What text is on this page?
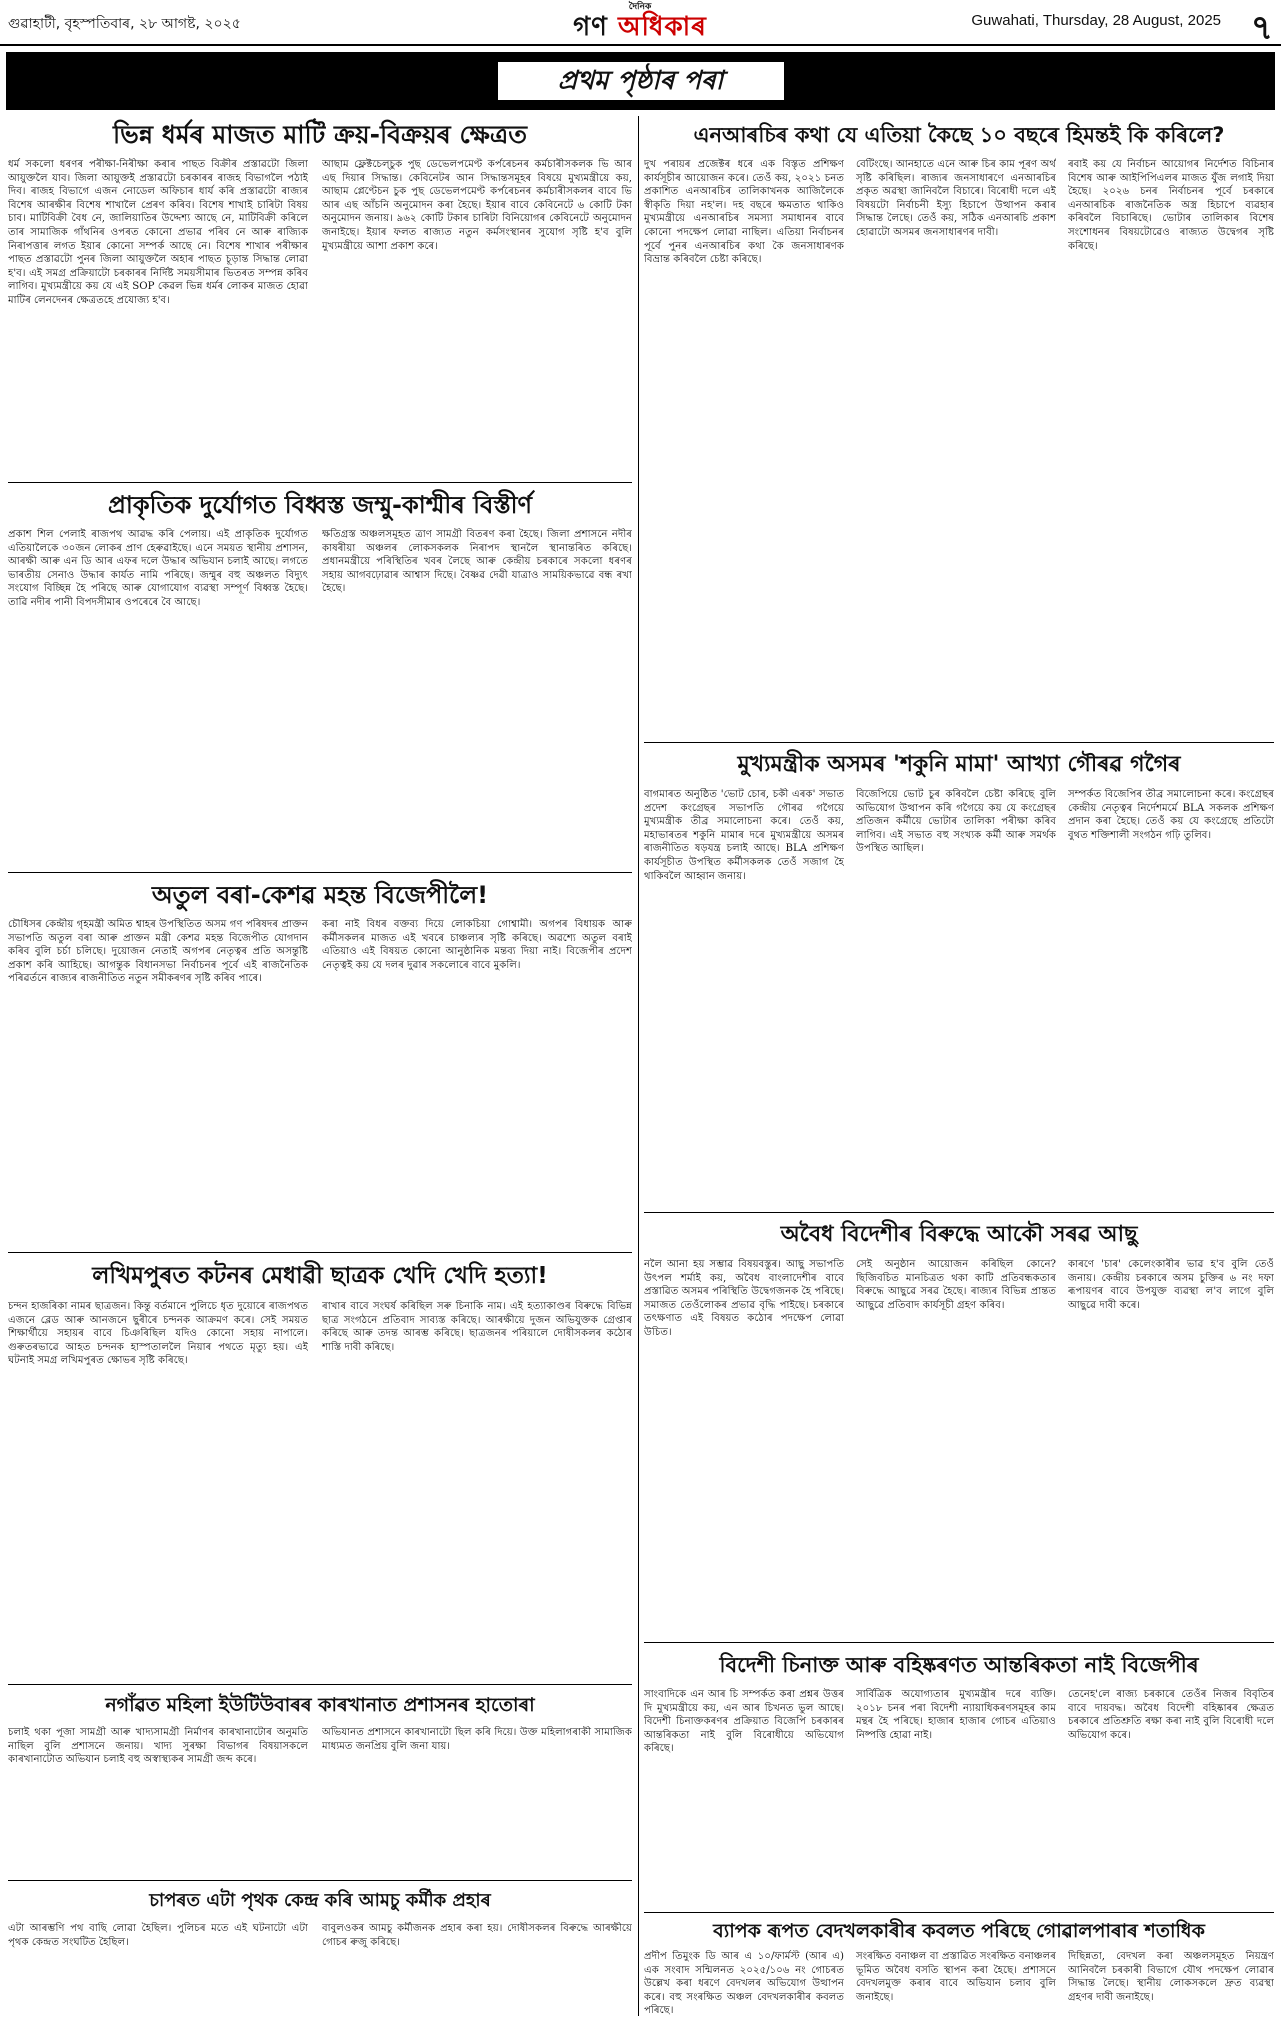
গুৱাহাটী, বৃহস্পতিবাৰ, ২৮ আগষ্ট, ২০২৫
দৈনিক
গণ অধিকাৰ	Guwahati, Thursday, 28 August, 2025 ৭
প্ৰথম পৃষ্ঠাৰ পৰা
ভিন্ন ধৰ্মৰ মাজত মাটি ক্ৰয়-বিক্ৰয়ৰ ক্ষেত্ৰত

ধৰ্ম সকলো ধৰণৰ পৰীক্ষা-নিৰীক্ষা কৰাৰ পাছত বিক্ৰীৰ প্ৰস্তাৱটো জিলা আয়ুক্তলৈ যাব। জিলা আয়ুক্তই প্ৰস্তাৱটো চৰকাৰৰ ৰাজহ বিভাগলৈ পঠাই দিব। ৰাজহ বিভাগে এজন নোডেল অফিচাৰ ধাৰ্য কৰি প্ৰস্তাৱটো ৰাজ্যৰ বিশেষ আৰক্ষীৰ বিশেষ শাখালৈ প্ৰেৰণ কৰিব। বিশেষ শাখাই চাৰিটা বিষয় চাব। মাটিবিক্ৰী বৈধ নে, জালিয়াতিৰ উদ্দেশ্য আছে নে, মাটিবিক্ৰী কৰিলে তাৰ সামাজিক গাঁথনিৰ ওপৰত কোনো প্ৰভাৱ পৰিব নে আৰু ৰাজ্যিক নিৰাপত্তাৰ লগত ইয়াৰ কোনো সম্পৰ্ক আছে নে। বিশেষ শাখাৰ পৰীক্ষাৰ পাছত প্ৰস্তাৱটো পুনৰ জিলা আয়ুক্তলৈ অহাৰ পাছত চূড়ান্ত সিদ্ধান্ত লোৱা হ'ব। এই সমগ্ৰ প্ৰক্ৰিয়াটো চৰকাৰৰ নিৰ্দিষ্ট সময়সীমাৰ ভিতৰত সম্পন্ন কৰিব লাগিব। মুখ্যমন্ত্ৰীয়ে কয় যে এই SOP কেৱল ভিন্ন ধৰ্মৰ লোকৰ মাজত হোৱা মাটিৰ লেনদেনৰ ক্ষেত্ৰতহে প্ৰযোজ্য হ'ব।

আছাম ফ্লেক্টচেল্চুক পুছ ডেভেলপমেণ্ট কৰ্পৰেচনৰ কৰ্মচাৰীসকলক ভি আৰ এছ দিয়াৰ সিদ্ধান্ত। কেবিনেটৰ আন সিদ্ধান্তসমূহৰ বিষয়ে মুখ্যমন্ত্ৰীয়ে কয়, আছাম প্লেণ্টেচন চুক পুছ ডেভেলপমেণ্ট কৰ্পৰেচনৰ কৰ্মচাৰীসকলৰ বাবে ভি আৰ এছ আঁচনি অনুমোদন কৰা হৈছে। ইয়াৰ বাবে কেবিনেটে ৬ কোটি টকা অনুমোদন জনায়। ৯৬২ কোটি টকাৰ চাৰিটা বিনিয়োগৰ কেবিনেটে অনুমোদন জনাইছে। ইয়াৰ ফলত ৰাজ্যত নতুন কৰ্মসংস্থানৰ সুযোগ সৃষ্টি হ'ব বুলি মুখ্যমন্ত্ৰীয়ে আশা প্ৰকাশ কৰে।

প্ৰাকৃতিক দুৰ্যোগত বিধ্বস্ত জম্মু-কাশ্মীৰ বিস্তীৰ্ণ

প্ৰকাশ শিল পেলাই ৰাজপথ আৱদ্ধ কৰি পেলায়। এই প্ৰাকৃতিক দুৰ্যোগত এতিয়ালৈকে ৩০জন লোকৰ প্ৰাণ হেৰুৱাইছে। এনে সময়ত স্থানীয় প্ৰশাসন, আৰক্ষী আৰু এন ডি আৰ এফৰ দলে উদ্ধাৰ অভিযান চলাই আছে। লগতে ভাৰতীয় সেনাও উদ্ধাৰ কাৰ্যত নামি পৰিছে। জম্মুৰ বহু অঞ্চলত বিদ্যুৎ সংযোগ বিচ্ছিন্ন হৈ পৰিছে আৰু যোগাযোগ ব্যৱস্থা সম্পূৰ্ণ বিধ্বস্ত হৈছে। তাৱি নদীৰ পানী বিপদসীমাৰ ওপৰেৰে বৈ আছে।

ক্ষতিগ্ৰস্ত অঞ্চলসমূহত ত্ৰাণ সামগ্ৰী বিতৰণ কৰা হৈছে। জিলা প্ৰশাসনে নদীৰ কাষৰীয়া অঞ্চলৰ লোকসকলক নিৰাপদ স্থানলৈ স্থানান্তৰিত কৰিছে। প্ৰধানমন্ত্ৰীয়ে পৰিস্থিতিৰ খবৰ লৈছে আৰু কেন্দ্ৰীয় চৰকাৰে সকলো ধৰণৰ সহায় আগবঢ়োৱাৰ আশ্বাস দিছে। বৈষ্ণৱ দেৱী যাত্ৰাও সাময়িকভাৱে বন্ধ ৰখা হৈছে।

অতুল বৰা-কেশৱ মহন্ত বিজেপীলৈ!

চৌধিসৰ কেন্দ্ৰীয় গৃহমন্ত্ৰী অমিত শ্বাহৰ উপস্থিতিত অসম গণ পৰিষদৰ প্ৰাক্তন সভাপতি অতুল বৰা আৰু প্ৰাক্তন মন্ত্ৰী কেশৱ মহন্ত বিজেপীত যোগদান কৰিব বুলি চৰ্চা চলিছে। দুয়োজন নেতাই অগপৰ নেতৃত্বৰ প্ৰতি অসন্তুষ্টি প্ৰকাশ কৰি আহিছে। আগন্তুক বিধানসভা নিৰ্বাচনৰ পূৰ্বে এই ৰাজনৈতিক পৰিৱৰ্তনে ৰাজ্যৰ ৰাজনীতিত নতুন সমীকৰণৰ সৃষ্টি কৰিব পাৰে।

কৰা নাই বিধৰ বক্তব্য দিয়ে লোকচিয়া গোশ্বামী। অগপৰ বিধায়ক আৰু কৰ্মীসকলৰ মাজত এই খবৰে চাঞ্চল্যৰ সৃষ্টি কৰিছে। অৱশ্যে অতুল বৰাই এতিয়াও এই বিষয়ত কোনো আনুষ্ঠানিক মন্তব্য দিয়া নাই। বিজেপীৰ প্ৰদেশ নেতৃত্বই কয় যে দলৰ দুৱাৰ সকলোৰে বাবে মুকলি।

লখিমপুৰত কটনৰ মেধাৱী ছাত্ৰক খেদি খেদি হত্যা!

চন্দন হাজৰিকা নামৰ ছাত্ৰজন। কিন্তু বৰ্তমানে পুলিচে ধৃত দুয়োৰে ৰাজপথত এজনে ব্লেড আৰু আনজনে ছুৰীৰে চন্দনক আক্ৰমণ কৰে। সেই সময়ত শিক্ষাৰ্থীয়ে সহায়ৰ বাবে চিঞৰিছিল যদিও কোনো সহায় নাপালে। গুৰুতৰভাৱে আহত চন্দনক হাস্পতাললৈ নিয়াৰ পথতে মৃত্যু হয়। এই ঘটনাই সমগ্ৰ লখিমপুৰত ক্ষোভৰ সৃষ্টি কৰিছে।

ৰাখাৰ বাবে সংঘৰ্ষ কৰিছিল সৰু চিনাকি নাম। এই হত্যাকাণ্ডৰ বিৰুদ্ধে বিভিন্ন ছাত্ৰ সংগঠনে প্ৰতিবাদ সাব্যস্ত কৰিছে। আৰক্ষীয়ে দুজন অভিযুক্তক গ্ৰেপ্তাৰ কৰিছে আৰু তদন্ত আৰম্ভ কৰিছে। ছাত্ৰজনৰ পৰিয়ালে দোষীসকলৰ কঠোৰ শাস্তি দাবী কৰিছে।

নগাঁৱত মহিলা ইউটিউবাৰৰ কাৰখানাত প্ৰশাসনৰ হাতোৰা

চলাই থকা পূজা সামগ্ৰী আৰু খাদ্যসামগ্ৰী নিৰ্মাণৰ কাৰখানাটোৰ অনুমতি নাছিল বুলি প্ৰশাসনে জনায়। খাদ্য সুৰক্ষা বিভাগৰ বিষয়াসকলে কাৰখানাটোত অভিযান চলাই বহু অস্বাস্থ্যকৰ সামগ্ৰী জব্দ কৰে।

অভিযানত প্ৰশাসনে কাৰখানাটো ছিল কৰি দিয়ে। উক্ত মহিলাগৰাকী সামাজিক মাধ্যমত জনপ্ৰিয় বুলি জনা যায়।

চাপৰত এটা পৃথক কেন্দ্ৰ কৰি আমচু কৰ্মীক প্ৰহাৰ

এটা আৰম্ভণি পথ বাছি লোৱা হৈছিল। পুলিচৰ মতে এই ঘটনাটো এটা পৃথক কেন্দ্ৰত সংঘটিত হৈছিল।

বাবুলওকৰ আমচু কৰ্মীজনক প্ৰহাৰ কৰা হয়। দোষীসকলৰ বিৰুদ্ধে আৰক্ষীয়ে গোচৰ ৰুজু কৰিছে।

এনআৰচিৰ কথা যে এতিয়া কৈছে ১০ বছৰে হিমন্তই কি কৰিলে?

দুখ পৰায়ৰ প্ৰজেক্টৰ ধৰে এক বিস্তৃত প্ৰশিক্ষণ কাৰ্যসূচীৰ আয়োজন কৰে। তেওঁ কয়, ২০২১ চনত প্ৰকাশিত এনআৰচিৰ তালিকাখনক আজিলৈকে স্বীকৃতি দিয়া নহ'ল। দহ বছৰে ক্ষমতাত থাকিও মুখ্যমন্ত্ৰীয়ে এনআৰচিৰ সমস্যা সমাধানৰ বাবে কোনো পদক্ষেপ লোৱা নাছিল। এতিয়া নিৰ্বাচনৰ পূৰ্বে পুনৰ এনআৰচিৰ কথা কৈ জনসাধাৰণক বিভ্ৰান্ত কৰিবলৈ চেষ্টা কৰিছে।

বেটিংছে। আনহাতে এনে আৰু চিৰ কাম পূৰণ অৰ্থ সৃষ্টি কৰিছিল। ৰাজ্যৰ জনসাধাৰণে এনআৰচিৰ প্ৰকৃত অৱস্থা জানিবলৈ বিচাৰে। বিৰোধী দলে এই বিষয়টো নিৰ্বাচনী ইস্যু হিচাপে উত্থাপন কৰাৰ সিদ্ধান্ত লৈছে। তেওঁ কয়, সঠিক এনআৰচি প্ৰকাশ হোৱাটো অসমৰ জনসাধাৰণৰ দাবী।

ৰবাই কয় যে নিৰ্বাচন আয়োগৰ নিৰ্দেশত বিচিনাৰ বিশেষ আৰু আইপিপিএলৰ মাজত যুঁজ লগাই দিয়া হৈছে। ২০২৬ চনৰ নিৰ্বাচনৰ পূৰ্বে চৰকাৰে এনআৰচিক ৰাজনৈতিক অস্ত্ৰ হিচাপে ব্যৱহাৰ কৰিবলৈ বিচাৰিছে। ভোটাৰ তালিকাৰ বিশেষ সংশোধনৰ বিষয়টোৱেও ৰাজ্যত উদ্বেগৰ সৃষ্টি কৰিছে।

মুখ্যমন্ত্ৰীক অসমৰ 'শকুনি মামা' আখ্যা গৌৰৱ গগৈৰ

বাগমাৰত অনুষ্ঠিত 'ভোট চোৰ, চকী এৰক' সভাত প্ৰদেশ কংগ্ৰেছৰ সভাপতি গৌৰৱ গগৈয়ে মুখ্যমন্ত্ৰীক তীব্ৰ সমালোচনা কৰে। তেওঁ কয়, মহাভাৰতৰ শকুনি মামাৰ দৰে মুখ্যমন্ত্ৰীয়ে অসমৰ ৰাজনীতিত ষড়যন্ত্ৰ চলাই আছে। BLA প্ৰশিক্ষণ কাৰ্যসূচীত উপস্থিত কৰ্মীসকলক তেওঁ সজাগ হৈ থাকিবলৈ আহ্বান জনায়।

বিজেপিয়ে ভোট চুৰ কৰিবলৈ চেষ্টা কৰিছে বুলি অভিযোগ উত্থাপন কৰি গগৈয়ে কয় যে কংগ্ৰেছৰ প্ৰতিজন কৰ্মীয়ে ভোটাৰ তালিকা পৰীক্ষা কৰিব লাগিব। এই সভাত বহু সংখ্যক কৰ্মী আৰু সমৰ্থক উপস্থিত আছিল।

সম্পৰ্কত বিজেপিৰ তীব্ৰ সমালোচনা কৰে। কংগ্ৰেছৰ কেন্দ্ৰীয় নেতৃত্বৰ নিৰ্দেশমৰ্মে BLA সকলক প্ৰশিক্ষণ প্ৰদান কৰা হৈছে। তেওঁ কয় যে কংগ্ৰেছে প্ৰতিটো বুথত শক্তিশালী সংগঠন গঢ়ি তুলিব।

অবৈধ বিদেশীৰ বিৰুদ্ধে আকৌ সৰৱ আছু

নলৈ আনা হয় সম্ভাৱ বিষয়বস্তুৰ। আছু সভাপতি উৎপল শৰ্মাই কয়, অবৈধ বাংলাদেশীৰ বাবে প্ৰস্তাৱিত অসমৰ পৰিস্থিতি উদ্বেগজনক হৈ পৰিছে। সমাজত তেওঁলোকৰ প্ৰভাৱ বৃদ্ধি পাইছে। চৰকাৰে তৎক্ষণাত এই বিষয়ত কঠোৰ পদক্ষেপ লোৱা উচিত।

সেই অনুষ্ঠান আয়োজন কৰিছিল কোনে? ছিজিবচিত মানচিত্ৰত থকা কাটি প্ৰতিবন্ধকতাৰ বিৰুদ্ধে আছুৱে সৰৱ হৈছে। ৰাজ্যৰ বিভিন্ন প্ৰান্তত আছুৱে প্ৰতিবাদ কাৰ্যসূচী গ্ৰহণ কৰিব।

কাৰণে 'চাৰ' কেলেংকাৰীৰ ভাৱ হ'ব বুলি তেওঁ জনায়। কেন্দ্ৰীয় চৰকাৰে অসম চুক্তিৰ ৬ নং দফা ৰূপায়ণৰ বাবে উপযুক্ত ব্যৱস্থা ল'ব লাগে বুলি আছুৱে দাবী কৰে।

বিদেশী চিনাক্ত আৰু বহিষ্কৰণত আন্তৰিকতা নাই বিজেপীৰ

সাংবাদিকে এন আৰ চি সম্পৰ্কত কৰা প্ৰশ্নৰ উত্তৰ দি মুখ্যমন্ত্ৰীয়ে কয়, এন আৰ চিখনত ভুল আছে। বিদেশী চিনাক্তকৰণৰ প্ৰক্ৰিয়াত বিজেপি চৰকাৰৰ আন্তৰিকতা নাই বুলি বিৰোধীয়ে অভিযোগ কৰিছে।

সাৰ্বিত্ৰিক অযোগ্যতাৰ মুখ্যমন্ত্ৰীৰ দৰে ব্যক্তি। ২০১৮ চনৰ পৰা বিদেশী ন্যায়াধিকৰণসমূহৰ কাম মন্থৰ হৈ পৰিছে। হাজাৰ হাজাৰ গোচৰ এতিয়াও নিষ্পত্তি হোৱা নাই।

তেনেহ'লে ৰাজ্য চৰকাৰে তেওঁৰ নিজৰ বিবৃতিৰ বাবে দায়বদ্ধ। অবৈধ বিদেশী বহিষ্কাৰৰ ক্ষেত্ৰত চৰকাৰে প্ৰতিশ্ৰুতি ৰক্ষা কৰা নাই বুলি বিৰোধী দলে অভিযোগ কৰে।

ব্যাপক ৰূপত বেদখলকাৰীৰ কবলত পৰিছে গোৱালপাৰাৰ শতাধিক

প্ৰদীপ তিমুংক ডি আৰ এ ১০/ফাৰ্মস্ট (আৰ এ) এক সংবাদ সন্মিলনত ২০২৫/১০৬ নং গোচৰত উল্লেখ কৰা ধৰণে বেদখলৰ অভিযোগ উত্থাপন কৰে। বহু সংৰক্ষিত অঞ্চল বেদখলকাৰীৰ কবলত পৰিছে।

সংৰক্ষিত বনাঞ্চল বা প্ৰস্তাৱিত সংৰক্ষিত বনাঞ্চলৰ ভূমিত অবৈধ বসতি স্থাপন কৰা হৈছে। প্ৰশাসনে বেদখলমুক্ত কৰাৰ বাবে অভিযান চলাব বুলি জনাইছে।

দিছিন্নতা, বেদখল কৰা অঞ্চলসমূহত নিয়ন্ত্ৰণ আনিবলৈ চৰকাৰী বিভাগে যৌথ পদক্ষেপ লোৱাৰ সিদ্ধান্ত লৈছে। স্থানীয় লোকসকলে দ্ৰুত ব্যৱস্থা গ্ৰহণৰ দাবী জনাইছে।
